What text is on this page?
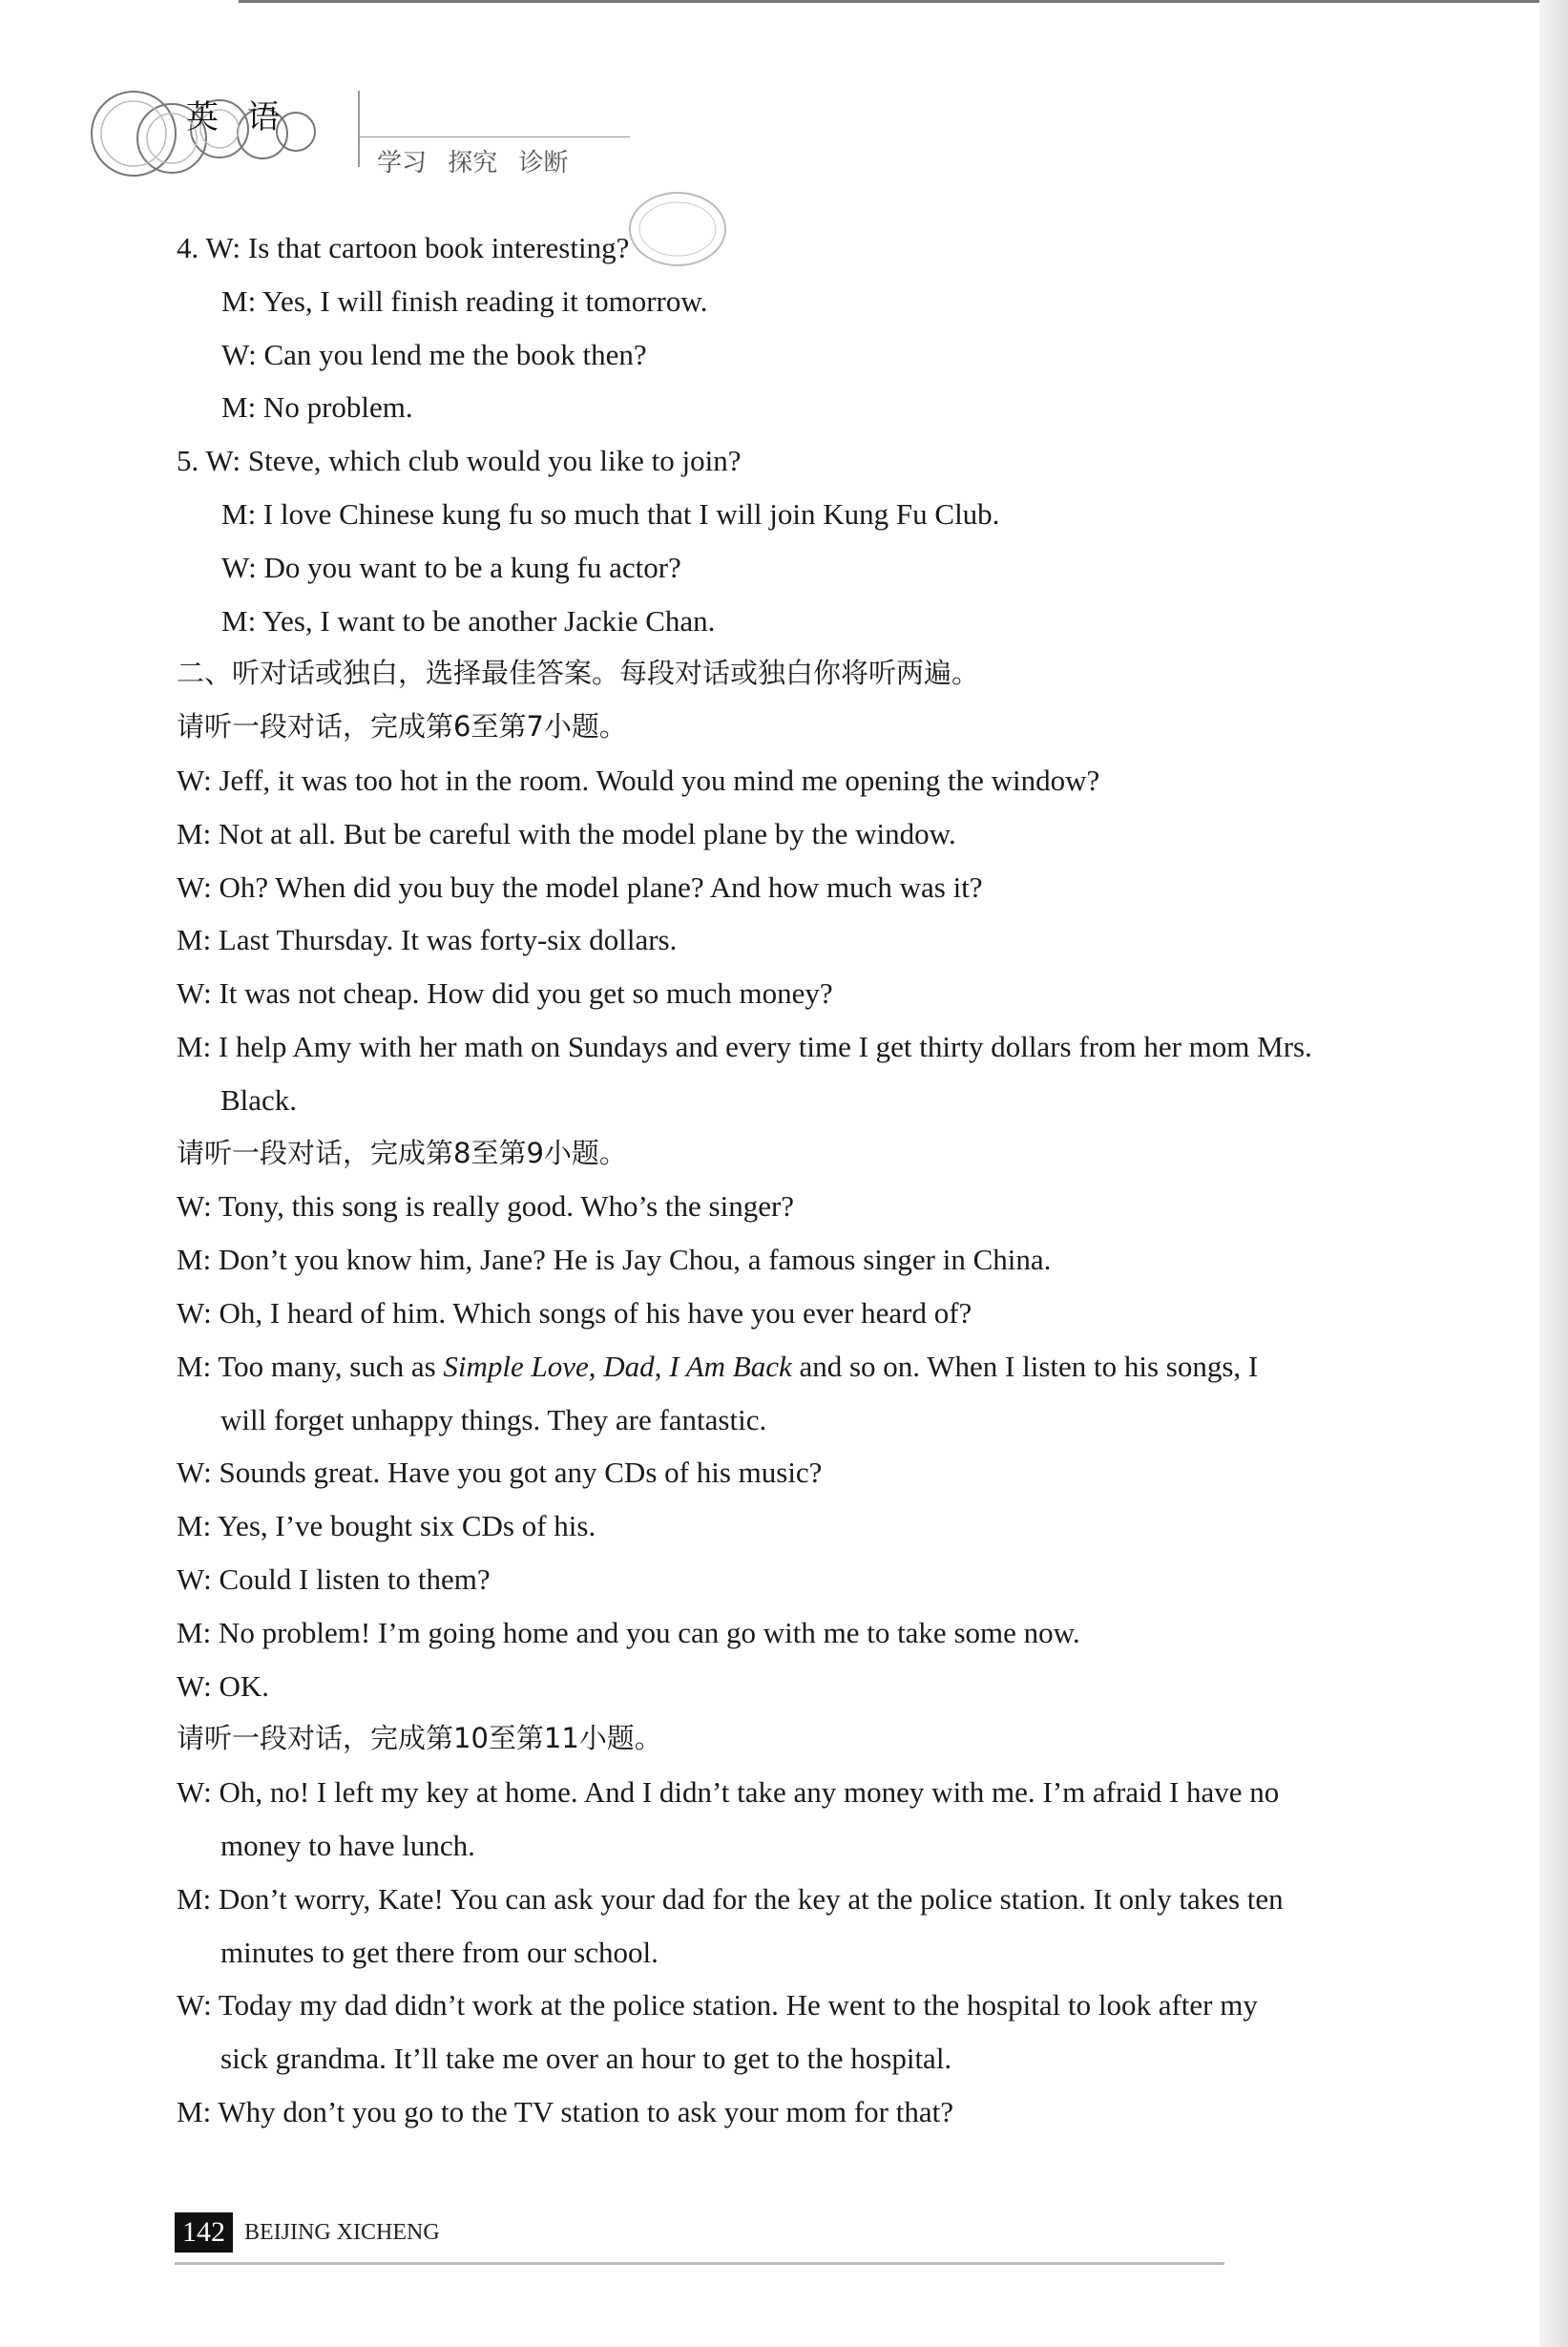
英语
学习 探究 诊断
4. W: Is that cartoon book interesting?
M: Yes, I will finish reading it tomorrow.
W: Can you lend me the book then?
M: No problem.
5. W: Steve, which club would you like to join?
M: I love Chinese kung fu so much that I will join Kung Fu Club.
W: Do you want to be a kung fu actor?
M: Yes, I want to be another Jackie Chan.
二、听对话或独白，选择最佳答案。每段对话或独白你将听两遍。
请听一段对话，完成第6至第7小题。
W: Jeff, it was too hot in the room. Would you mind me opening the window?
M: Not at all. But be careful with the model plane by the window.
W: Oh? When did you buy the model plane? And how much was it?
M: Last Thursday. It was forty-six dollars.
W: It was not cheap. How did you get so much money?
M: I help Amy with her math on Sundays and every time I get thirty dollars from her mom Mrs.
Black.
请听一段对话，完成第8至第9小题。
W: Tony, this song is really good. Who’s the singer?
M: Don’t you know him, Jane? He is Jay Chou, a famous singer in China.
W: Oh, I heard of him. Which songs of his have you ever heard of?
M: Too many, such as Simple Love, Dad, I Am Back and so on. When I listen to his songs, I
will forget unhappy things. They are fantastic.
W: Sounds great. Have you got any CDs of his music?
M: Yes, I’ve bought six CDs of his.
W: Could I listen to them?
M: No problem! I’m going home and you can go with me to take some now.
W: OK.
请听一段对话，完成第10至第11小题。
W: Oh, no! I left my key at home. And I didn’t take any money with me. I’m afraid I have no
money to have lunch.
M: Don’t worry, Kate! You can ask your dad for the key at the police station. It only takes ten
minutes to get there from our school.
W: Today my dad didn’t work at the police station. He went to the hospital to look after my
sick grandma. It’ll take me over an hour to get to the hospital.
M: Why don’t you go to the TV station to ask your mom for that?
142 BEIJING XICHENG
